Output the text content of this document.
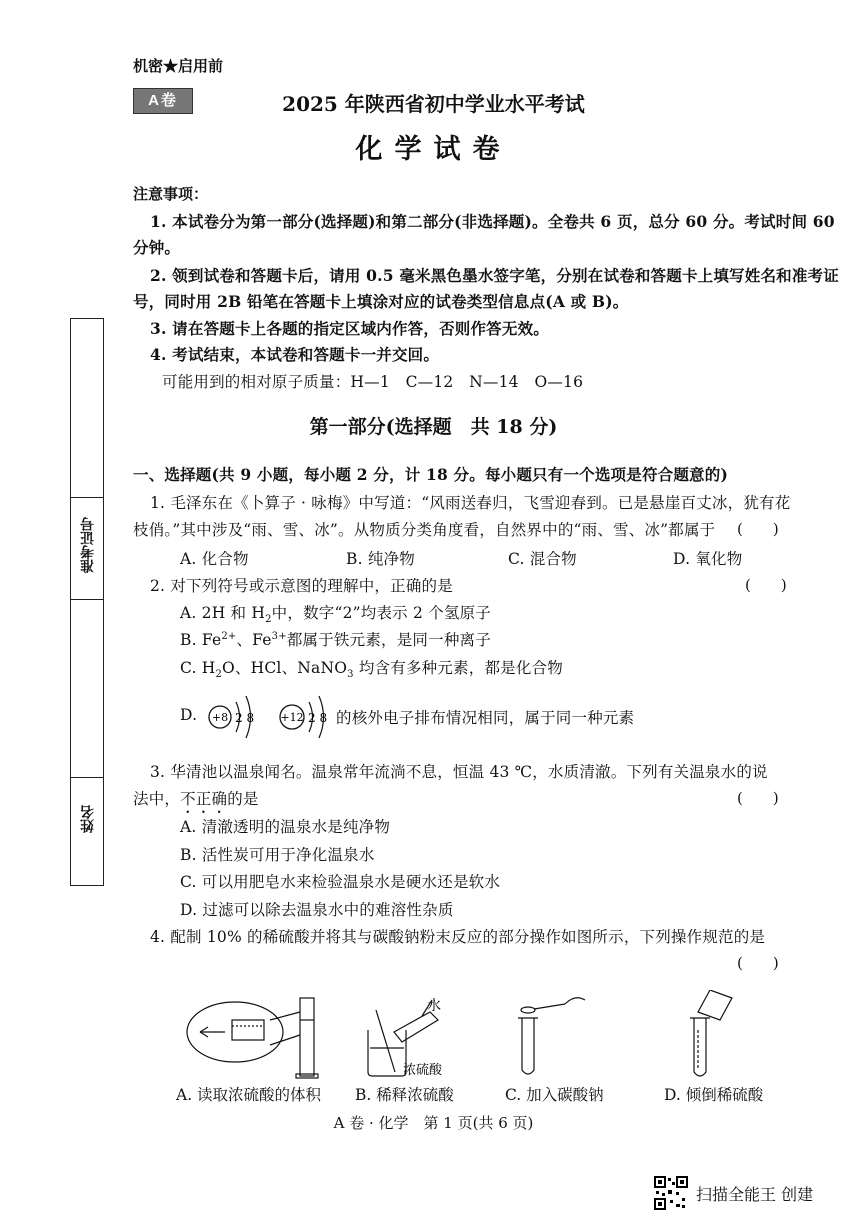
机密★启用前
A卷	2025 年陕西省初中学业水平考试
化学试卷
注意事项：
1. 本试卷分为第一部分(选择题)和第二部分(非选择题)。全卷共 6 页，总分 60 分。考试时间 60
分钟。
2. 领到试卷和答题卡后，请用 0.5 毫米黑色墨水签字笔，分别在试卷和答题卡上填写姓名和准考证
号，同时用 2B 铅笔在答题卡上填涂对应的试卷类型信息点(A 或 B)。
3. 请在答题卡上各题的指定区域内作答，否则作答无效。
4. 考试结束，本试卷和答题卡一并交回。
可能用到的相对原子质量：H—1　C—12　N—14　O—16
准考证号
姓名
第一部分(选择题　共 18 分)
一、选择题(共 9 小题，每小题 2 分，计 18 分。每小题只有一个选项是符合题意的)
1. 毛泽东在《卜算子 · 咏梅》中写道：“风雨送春归，飞雪迎春到。已是悬崖百丈冰，犹有花
枝俏。”其中涉及“雨、雪、冰”。从物质分类角度看，自然界中的“雨、雪、冰”都属于 (　　)
A. 化合物	B. 纯净物	C. 混合物	D. 氧化物
2. 对下列符号或示意图的理解中，正确的是	(　　)
A. 2H 和 $H_2$中，数字“2”均表示 2 个氢原子
B. $Fe^{2+}$、$Fe^{3+}$都属于铁元素，是同一种离子
C. $H_2O$、HCl、NaNO$_3$ 均含有多种元素，都是化合物
D. +8 2 8 +12 2 8 的核外电子排布情况相同，属于同一种元素
3. 华清池以温泉闻名。温泉常年流淌不息，恒温 43 ℃，水质清澈。下列有关温泉水的说
法中，不正确的是	(　　)
A. 清澈透明的温泉水是纯净物
B. 活性炭可用于净化温泉水
C. 可以用肥皂水来检验温泉水是硬水还是软水
D. 过滤可以除去温泉水中的难溶性杂质
4. 配制 10% 的稀硫酸并将其与碳酸钠粉末反应的部分操作如图所示，下列操作规范的是
(　　)
水
浓硫酸
A. 读取浓硫酸的体积 B. 稀释浓硫酸	C. 加入碳酸钠	D. 倾倒稀硫酸
A 卷 · 化学　第 1 页(共 6 页)
扫描全能王 创建
